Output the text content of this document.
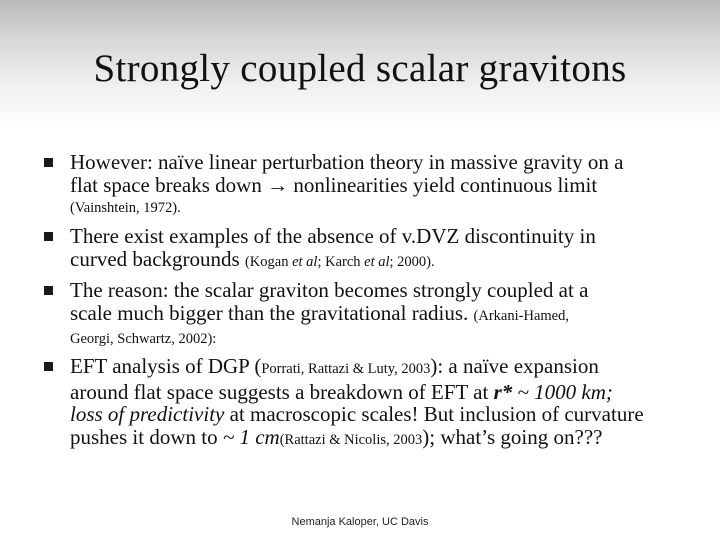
Strongly coupled scalar gravitons
However: naïve linear perturbation theory in massive gravity on a
flat space breaks down → nonlinearities yield continuous limit
(Vainshtein, 1972).
There exist examples of the absence of v.DVZ discontinuity in
curved backgrounds (Kogan et al; Karch et al; 2000).
The reason: the scalar graviton becomes strongly coupled at a
scale much bigger than the gravitational radius. (Arkani-Hamed,
Georgi, Schwartz, 2002):
EFT analysis of DGP (Porrati, Rattazi & Luty, 2003): a naïve expansion
around flat space suggests a breakdown of EFT at r* ~ 1000 km;
loss of predictivity at macroscopic scales! But inclusion of curvature
pushes it down to ~ 1 cm(Rattazi & Nicolis, 2003); what’s going on???
Nemanja Kaloper, UC Davis
